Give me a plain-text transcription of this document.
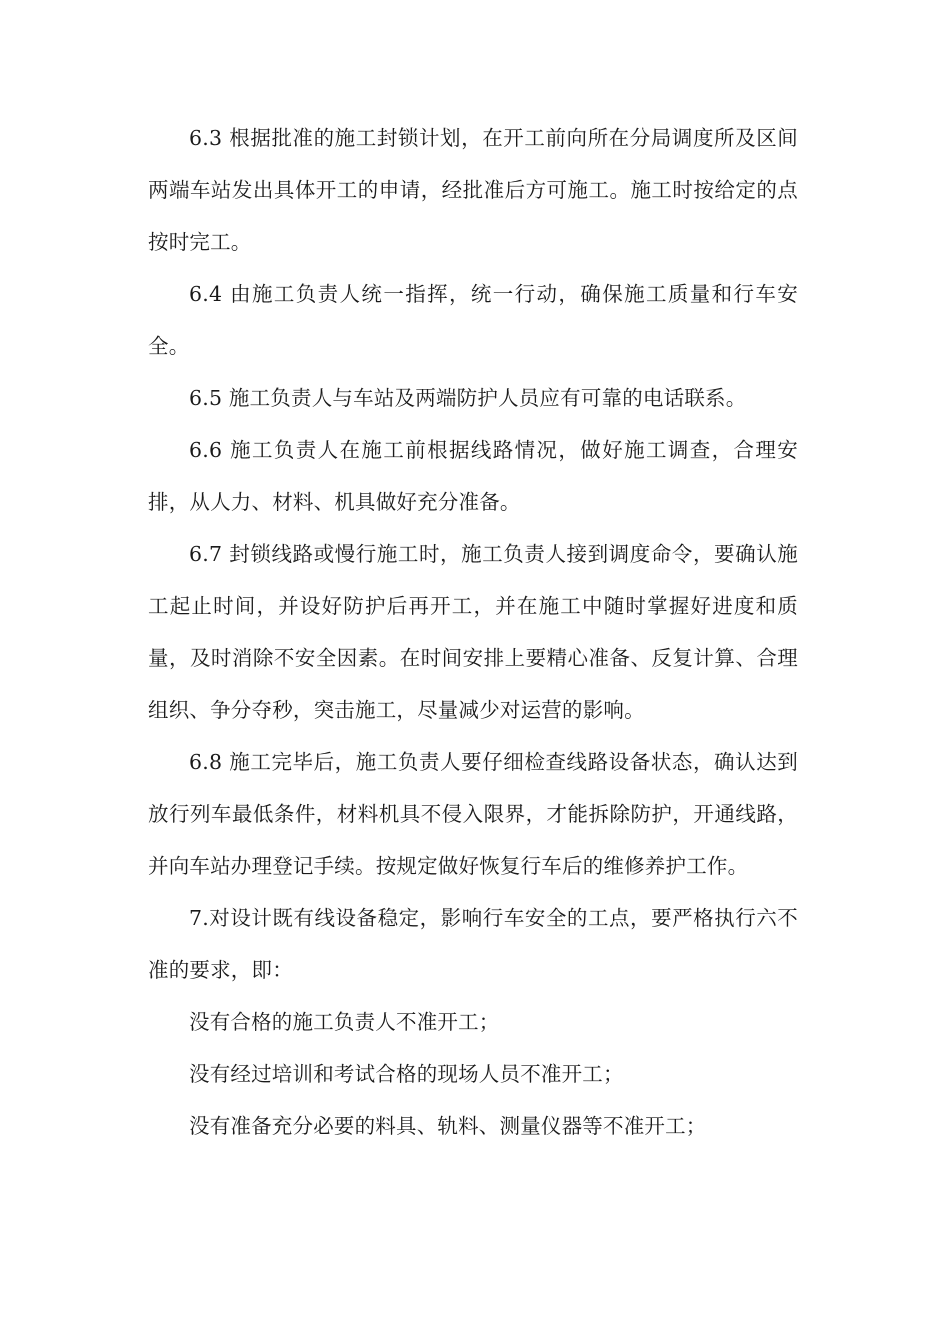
6.3 根据批准的施工封锁计划，在开工前向所在分局调度所及区间两端车站发出具体开工的申请，经批准后方可施工。施工时按给定的点按时完工。

6.4 由施工负责人统一指挥，统一行动，确保施工质量和行车安全。

6.5 施工负责人与车站及两端防护人员应有可靠的电话联系。

6.6 施工负责人在施工前根据线路情况，做好施工调查，合理安排，从人力、材料、机具做好充分准备。

6.7 封锁线路或慢行施工时，施工负责人接到调度命令，要确认施工起止时间，并设好防护后再开工，并在施工中随时掌握好进度和质量，及时消除不安全因素。在时间安排上要精心准备、反复计算、合理组织、争分夺秒，突击施工，尽量减少对运营的影响。

6.8 施工完毕后，施工负责人要仔细检查线路设备状态，确认达到放行列车最低条件，材料机具不侵入限界，才能拆除防护，开通线路，并向车站办理登记手续。按规定做好恢复行车后的维修养护工作。

7.对设计既有线设备稳定，影响行车安全的工点，要严格执行六不准的要求，即：

没有合格的施工负责人不准开工；

没有经过培训和考试合格的现场人员不准开工；

没有准备充分必要的料具、轨料、测量仪器等不准开工；
